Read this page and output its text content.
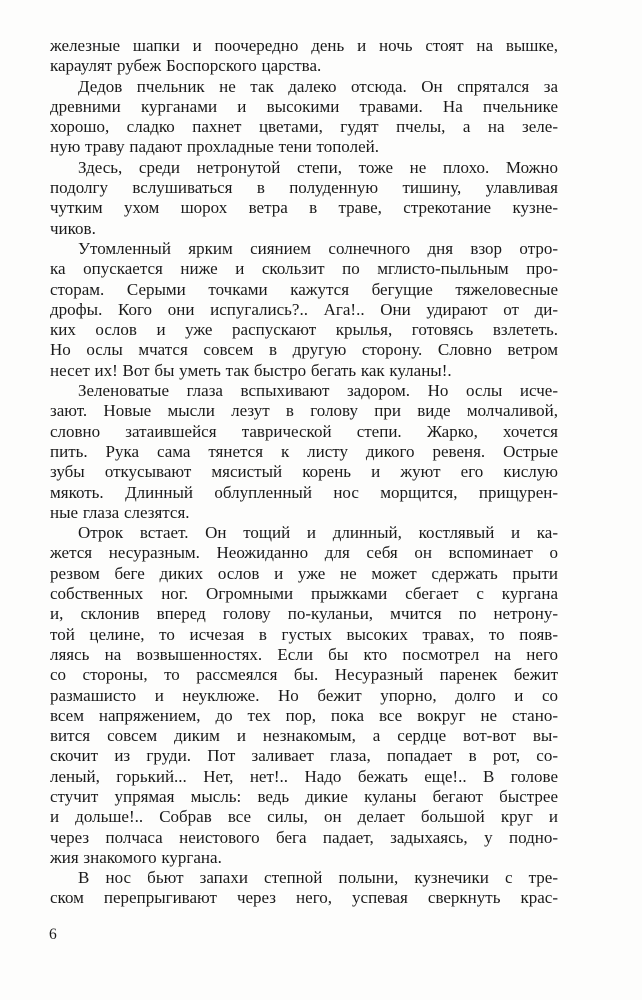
железные шапки и поочередно день и ночь стоят на вышке,
караулят рубеж Боспорского царства.
Дедов пчельник не так далеко отсюда. Он спрятался за
древними курганами и высокими травами. На пчельнике
хорошо, сладко пахнет цветами, гудят пчелы, а на зеле-
ную траву падают прохладные тени тополей.
Здесь, среди нетронутой степи, тоже не плохо. Можно
подолгу вслушиваться в полуденную тишину, улавливая
чутким ухом шорох ветра в траве, стрекотание кузне-
чиков.
Утомленный ярким сиянием солнечного дня взор отро-
ка опускается ниже и скользит по мглисто-пыльным про-
сторам. Серыми точками кажутся бегущие тяжеловесные
дрофы. Кого они испугались?.. Ага!.. Они удирают от ди-
ких ослов и уже распускают крылья, готовясь взлететь.
Но ослы мчатся совсем в другую сторону. Словно ветром
несет их! Вот бы уметь так быстро бегать как куланы!.
Зеленоватые глаза вспыхивают задором. Но ослы исче-
зают. Новые мысли лезут в голову при виде молчаливой,
словно затаившейся таврической степи. Жарко, хочется
пить. Рука сама тянется к листу дикого ревеня. Острые
зубы откусывают мясистый корень и жуют его кислую
мякоть. Длинный облупленный нос морщится, прищурен-
ные глаза слезятся.
Отрок встает. Он тощий и длинный, костлявый и ка-
жется несуразным. Неожиданно для себя он вспоминает о
резвом беге диких ослов и уже не может сдержать прыти
собственных ног. Огромными прыжками сбегает с кургана
и, склонив вперед голову по-куланьи, мчится по нетрону-
той целине, то исчезая в густых высоких травах, то появ-
ляясь на возвышенностях. Если бы кто посмотрел на него
со стороны, то рассмеялся бы. Несуразный паренек бежит
размашисто и неуклюже. Но бежит упорно, долго и со
всем напряжением, до тех пор, пока все вокруг не стано-
вится совсем диким и незнакомым, а сердце вот-вот вы-
скочит из груди. Пот заливает глаза, попадает в рот, со-
леный, горький... Нет, нет!.. Надо бежать еще!.. В голове
стучит упрямая мысль: ведь дикие куланы бегают быстрее
и дольше!.. Собрав все силы, он делает большой круг и
через полчаса неистового бега падает, задыхаясь, у подно-
жия знакомого кургана.
В нос бьют запахи степной полыни, кузнечики с тре-
ском перепрыгивают через него, успевая сверкнуть крас-
6
